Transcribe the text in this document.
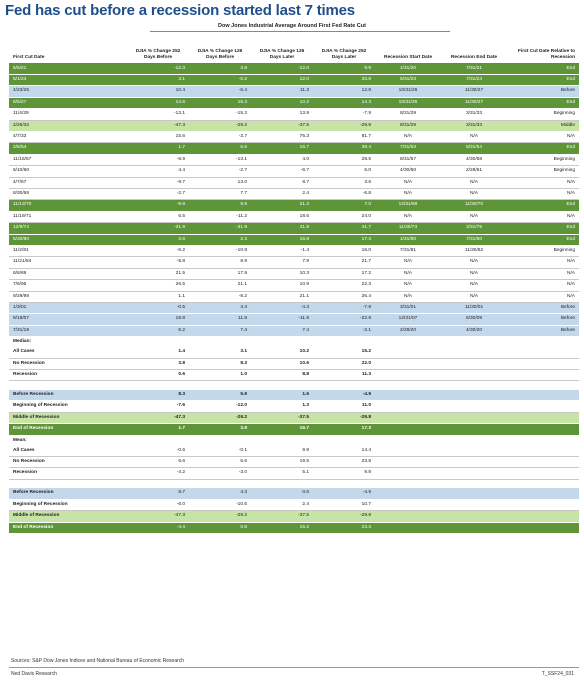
Fed has cut before a recession started last 7 times
Dow Jones Industrial Average Around First Fed Rate Cut
First Cut Date	DJIA % Change 252 Days Before	DJIA % Change 126 Days Before	DJIA % Change 126 Days Later	DJIA % Change 252 Days Later	Recession Start Date	Recession End Date	First Cut Date Relative to Recession
5/5/21	-12.3	3.8	-12.0	9.9	1/31/20	7/31/21	End
5/1/24	3.1	-0.2	12.0	33.8	5/31/23	7/31/24	End
4/23/26	10.4	-6.4	11.3	12.8	10/31/26	11/30/27	Before
8/5/27	14.6	15.3	10.2	14.3	10/31/26	11/30/27	End
11/4/29	-13.1	-15.3	13.9	-7.9	8/31/29	3/31/33	Beginning
2/26/32	-47.3	-29.2	-37.5	-29.8	8/31/29	3/31/33	Middle
4/7/33	15.6	-3.7	76.3	81.7	N/A	N/A	N/A
2/5/54	1.7	6.6	16.7	39.4	7/31/53	5/31/54	End
11/15/57	-8.9	-13.1	4.0	28.5	8/31/57	4/30/58	Beginning
6/10/60	4.4	-2.7	-6.7	6.0	4/30/60	2/28/61	Beginning
4/7/67	-9.7	13.0	8.7	3.6	N/A	N/A	N/A
8/30/68	-2.7	7.7	2.4	-6.8	N/A	N/A	N/A
11/13/70	-9.8	9.9	21.3	7.0	12/31/69	11/30/70	End
11/19/71	6.5	-11.2	18.6	24.0	N/A	N/A	N/A
12/9/74	-31.9	-31.9	41.8	41.7	11/30/73	3/31/75	End
5/30/80	3.6	2.3	16.8	17.3	1/31/80	7/31/80	End
11/2/81	-6.2	-10.9	-1.4	16.0	7/31/81	11/30/82	Beginning
11/21/84	-5.8	8.9	7.9	21.7	N/A	N/A	N/A
6/6/89	21.5	17.5	10.3	17.2	N/A	N/A	N/A
7/6/95	26.5	21.1	10.9	22.3	N/A	N/A	N/A
9/29/98	1.1	-8.2	21.1	26.4	N/A	N/A	N/A
1/3/01	-0.5	4.4	-4.3	-7.8	3/31/01	11/30/01	Before
9/18/07	18.8	11.8	-11.9	-22.8	12/31/07	6/30/09	Before
7/31/19	6.2	7.4	7.4	-2.1	2/29/20	4/30/20	Before
Median:							
All Cases	1.4	3.1	10.2	15.2			
No Recession	3.8	8.3	10.6	22.0			
Recession	0.6	1.0	8.8	11.3			

Before Recession	8.3	5.9	1.6	-4.9			
Beginning of Recession	-7.6	-12.0	1.3	11.0			
Middle of Recession	-47.3	-29.2	-37.5	-29.8			
End of Recession	1.7	3.8	16.7	17.3			
Mean:							
All Cases	-0.6	-0.1	9.9	14.4			
No Recession	6.6	5.6	19.5	23.8			
Recession	-4.2	-3.0	5.1	9.8			

Before Recession	8.7	4.3	0.6	-4.9			
Beginning of Recession	-6.0	-10.5	2.4	10.7			
Middle of Recession	-47.3	-29.2	-37.5	-29.8			
End of Recession	-4.4	0.8	15.2	23.3			
Sources: S&P Dow Jones Indices and National Bureau of Economic Research
Ned Davis Research	T_SSF24_031
